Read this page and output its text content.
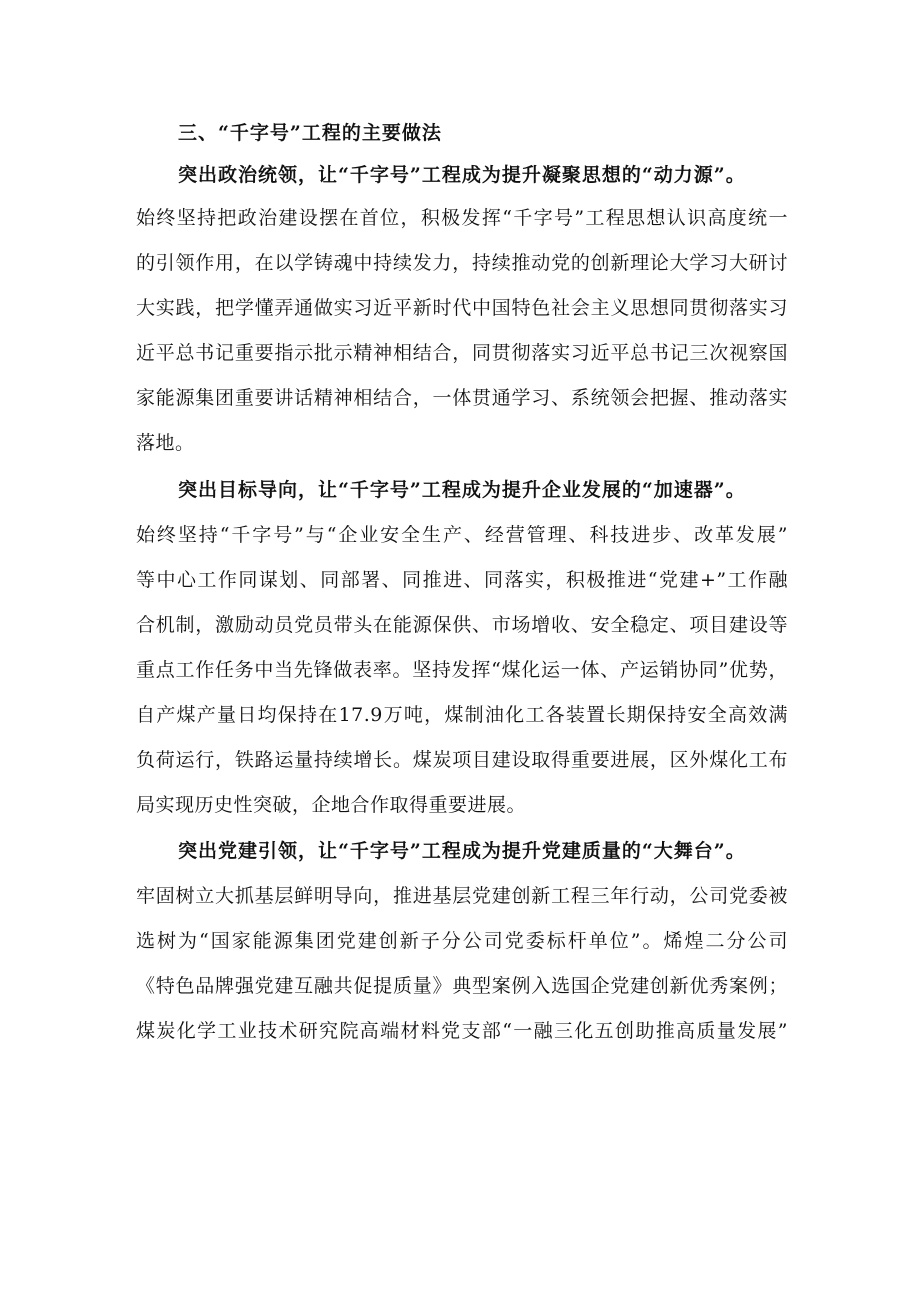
三、“千字号”工程的主要做法
突出政治统领，让“千字号”工程成为提升凝聚思想的“动力源”。
始终坚持把政治建设摆在首位，积极发挥“千字号”工程思想认识高度统一
的引领作用，在以学铸魂中持续发力，持续推动党的创新理论大学习大研讨
大实践，把学懂弄通做实习近平新时代中国特色社会主义思想同贯彻落实习
近平总书记重要指示批示精神相结合，同贯彻落实习近平总书记三次视察国
家能源集团重要讲话精神相结合，一体贯通学习、系统领会把握、推动落实
落地。
突出目标导向，让“千字号”工程成为提升企业发展的“加速器”。
始终坚持“千字号”与“企业安全生产、经营管理、科技进步、改革发展”
等中心工作同谋划、同部署、同推进、同落实，积极推进“党建+”工作融
合机制，激励动员党员带头在能源保供、市场增收、安全稳定、项目建设等
重点工作任务中当先锋做表率。坚持发挥“煤化运一体、产运销协同”优势，
自产煤产量日均保持在17.9万吨，煤制油化工各装置长期保持安全高效满
负荷运行，铁路运量持续增长。煤炭项目建设取得重要进展，区外煤化工布
局实现历史性突破，企地合作取得重要进展。
突出党建引领，让“千字号”工程成为提升党建质量的“大舞台”。
牢固树立大抓基层鲜明导向，推进基层党建创新工程三年行动，公司党委被
选树为“国家能源集团党建创新子分公司党委标杆单位”。烯煌二分公司
《特色品牌强党建互融共促提质量》典型案例入选国企党建创新优秀案例；
煤炭化学工业技术研究院高端材料党支部“一融三化五创助推高质量发展”
